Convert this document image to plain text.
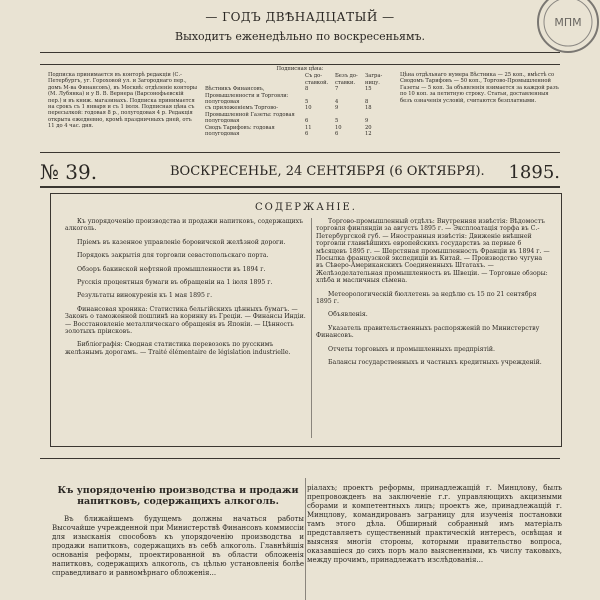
— ГОДЪ ДВѢНАДЦАТЫЙ —
Выходитъ еженедѣльно по воскресеньямъ.
МПМ
Подписка принимается въ конторѣ редакціи (С.-Петербургъ, уг. Гороховой ул. и Загороднаго пер., домъ М-ва Финансовъ), въ Москвѣ: отдѣленіе конторы (М. Лубянка) и у В. В. Вернера (Варсонофьевскій пер.) и въ книж. магазинахъ. Подписка принимается на срокъ съ 1 января и съ 1 іюля. Подписная цѣна съ пересылкой: годовая 8 р., полугодовая 4 р. Редакція открыта ежедневно, кромѣ праздничныхъ дней, отъ 11 до 4 час. дня.
Подписная цѣна:
Съ до-ставкой.
Безъ до-ставки.
Загра-ницу.
Вѣстникъ Финансовъ, Промышленности и Торговли:
8	7	15
полугодовая	5	4	8
съ приложеніемъ Торгово-Промышленной Газеты: годовая
10	9	18
полугодовая	6	5	9
Сводъ Тарифовъ: годовая	11	10	20
полугодовая	6	6	12
Цѣна отдѣльнаго нумера Вѣстника — 25 коп., вмѣстѣ со Сводомъ Тарифовъ — 50 коп., Торгово-Промышленной Газеты — 5 коп. За объявленія взимается за каждой разъ по 10 коп. за петитную строку. Статьи, доставленныя безъ означенія условій, считаются безплатными.
№ 39.	ВОСКРЕСЕНЬЕ, 24 СЕНТЯБРЯ (6 ОКТЯБРЯ). 1895.
СОДЕРЖАНІЕ.

Къ упорядоченію производства и продажи напитковъ, содержащихъ алкоголь.

Пріемъ въ казенное управленіе боровичской желѣзной дороги.

Порядокъ закрытія для торговли севастопольскаго порта.

Обзоръ бакинской нефтяной промышленности въ 1894 г.

Русскія процентныя бумаги въ обращеніи на 1 іюля 1895 г.

Результаты винокуренія къ 1 мая 1895 г.

Финансовая хроника: Статистика бельгійскихъ цѣнныхъ бумагъ. — Законъ о таможенной пошлинѣ на коринку въ Греціи. — Финансы Индіи. — Восстановленіе металлическаго обращенія въ Японіи. — Цѣнность золотыхъ пріисковъ.

Библіографія: Сводная статистика перевозокъ по русскимъ желѣзнымъ дорогамъ. — Traité élémentaire de législation industrielle.

Торгово-промышленный отдѣлъ: Внутренняя извѣстія: Вѣдомостъ торговля финляндіи за августъ 1895 г. — Эксплоатація торфа въ С.-Петербургской губ. — Иностранныя извѣстія: Движеніе внѣшней торговли главнѣйшихъ европейскихъ государствъ за первые 6 мѣсяцевъ 1895 г. — Шерстяная промышленность Франціи въ 1894 г. — Посылка французской экспедиціи въ Китай. — Производство чугуна въ Сѣверо-Американскихъ Соединенныхъ Штатахъ. — Желѣзоделательная промышленность въ Швеціи. — Торговые обзоры: хлѣба и масличныя сѣмена.

Метеорологическій бюллетень за недѣлю съ 15 по 21 сентября 1895 г.

Объявленія.

Указатель правительственныхъ распоряженій по Министерству Финансовъ.

Отчеты торговыхъ и промышленныхъ предпріятій.

Балансы государственныхъ и частныхъ кредитныхъ учрежденій.

Къ упорядоченію производства и продажи напитковъ, содержащихъ алкоголь.

Въ ближайшемъ будущемъ должны начаться работы Высочайше учрежденной при Министерствѣ Финансовъ коммиссіи для изысканія способовъ къ упорядоченію производства и продажи напитковъ, содержащихъ въ себѣ алкоголь. Главнѣйшія основанія реформы, проектированной въ области обложенія напитковъ, содержащихъ алкоголь, съ цѣлью установленія болѣе справедливаго и равномѣрнаго обложенія...

ріалахъ; проектъ реформы, принадлежащій г. Минцлову, былъ препровожденъ на заключеніе г.г. управляющихъ акцизными сборами и компетентныхъ лицъ; проектъ же, принадлежащій г. Минцлову, командированъ заграницу для изученія постановки тамъ этого дѣла. Обширный собранный имъ матеріалъ представляетъ существенный практическій интересъ, освѣщая и выясняя многія стороны, которыми правительство вопроса, оказавшіеся до сихъ поръ мало выясненными, къ числу таковыхъ, между прочимъ, принадлежатъ изслѣдованія...
